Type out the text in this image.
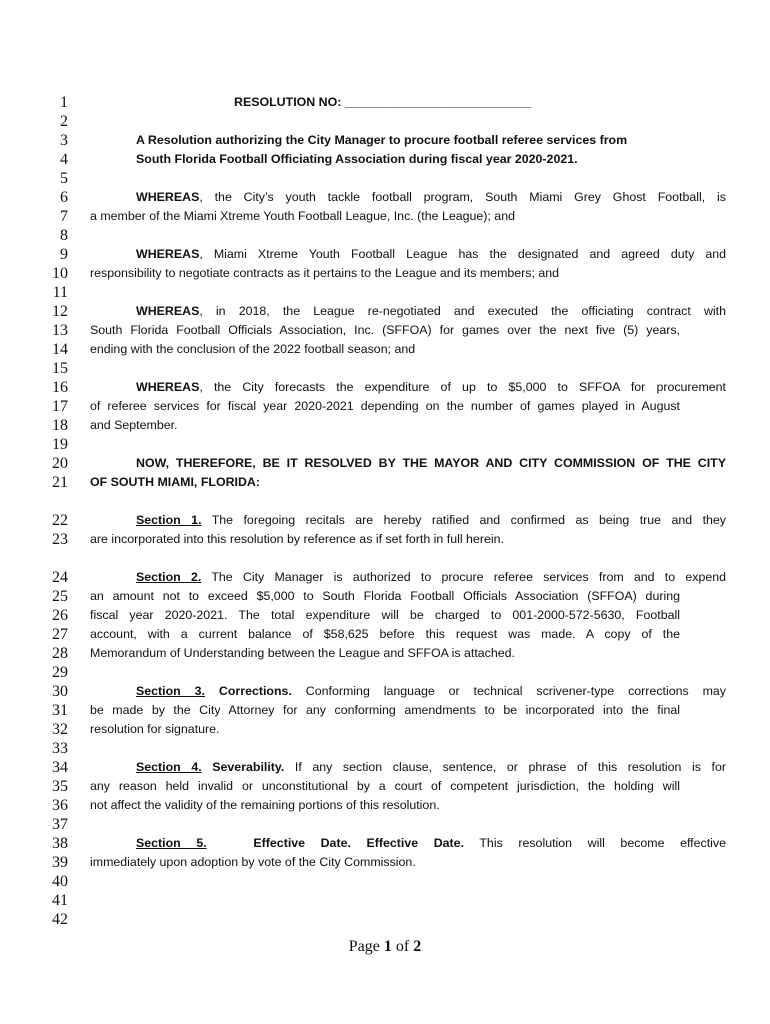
1
2
3
4
5
6
7
8
9
10
11
12
13
14
15
16
17
18
19
20
21
22
23
24
25
26
27
28
29
30
31
32
33
34
35
36
37
38
39
40
41
42
RESOLUTION NO: ___________________________
A Resolution authorizing the City Manager to procure football referee services from
South Florida Football Officiating Association during fiscal year 2020-2021.
WHEREAS, the City’s youth tackle football program, South Miami Grey Ghost Football, is
a member of the Miami Xtreme Youth Football League, Inc. (the League); and
WHEREAS, Miami Xtreme Youth Football League has the designated and agreed duty and
responsibility to negotiate contracts as it pertains to the League and its members; and
WHEREAS, in 2018, the League re-negotiated and executed the officiating contract with
South Florida Football Officials Association, Inc. (SFFOA) for games over the next five (5) years,
ending with the conclusion of the 2022 football season; and
WHEREAS, the City forecasts the expenditure of up to $5,000 to SFFOA for procurement
of referee services for fiscal year 2020-2021 depending on the number of games played in August
and September.
NOW, THEREFORE, BE IT RESOLVED BY THE MAYOR AND CITY COMMISSION OF THE CITY
OF SOUTH MIAMI, FLORIDA:
Section 1. The foregoing recitals are hereby ratified and confirmed as being true and they
are incorporated into this resolution by reference as if set forth in full herein.
Section 2. The City Manager is authorized to procure referee services from and to expend
an amount not to exceed $5,000 to South Florida Football Officials Association (SFFOA) during
fiscal year 2020-2021. The total expenditure will be charged to 001-2000-572-5630, Football
account, with a current balance of $58,625 before this request was made. A copy of the
Memorandum of Understanding between the League and SFFOA is attached.
Section 3. Corrections. Conforming language or technical scrivener-type corrections may
be made by the City Attorney for any conforming amendments to be incorporated into the final
resolution for signature.
Section 4. Severability. If any section clause, sentence, or phrase of this resolution is for
any reason held invalid or unconstitutional by a court of competent jurisdiction, the holding will
not affect the validity of the remaining portions of this resolution.
Section 5.   Effective Date. Effective Date. This resolution will become effective
immediately upon adoption by vote of the City Commission.
Page 1 of 2
